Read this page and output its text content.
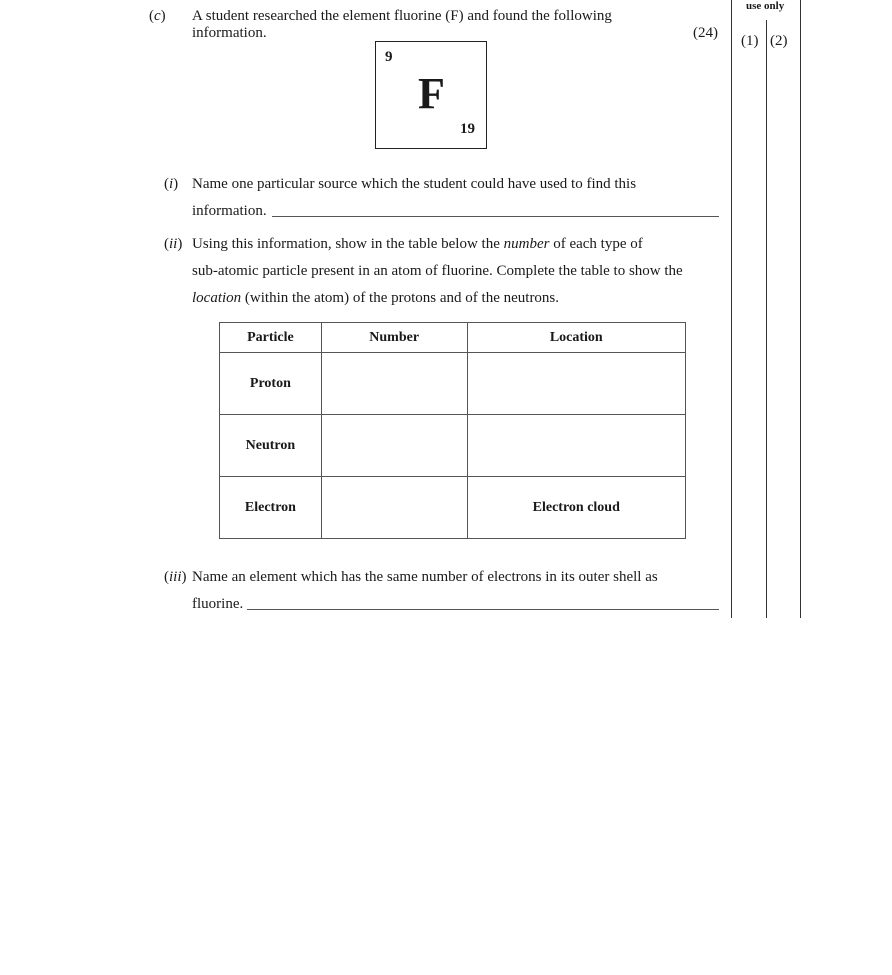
use only
(1) (2)
(c) A student researched the element fluorine (F) and found the following
information.	(24)
9
F
19
(i) Name one particular source which the student could have used to find this
information.
(ii) Using this information, show in the table below the number of each type of
sub-atomic particle present in an atom of fluorine. Complete the table to show the
location (within the atom) of the protons and of the neutrons.
Particle	Number	Location
Proton		
Neutron		
Electron		Electron cloud
(iii) Name an element which has the same number of electrons in its outer shell as
fluorine.
